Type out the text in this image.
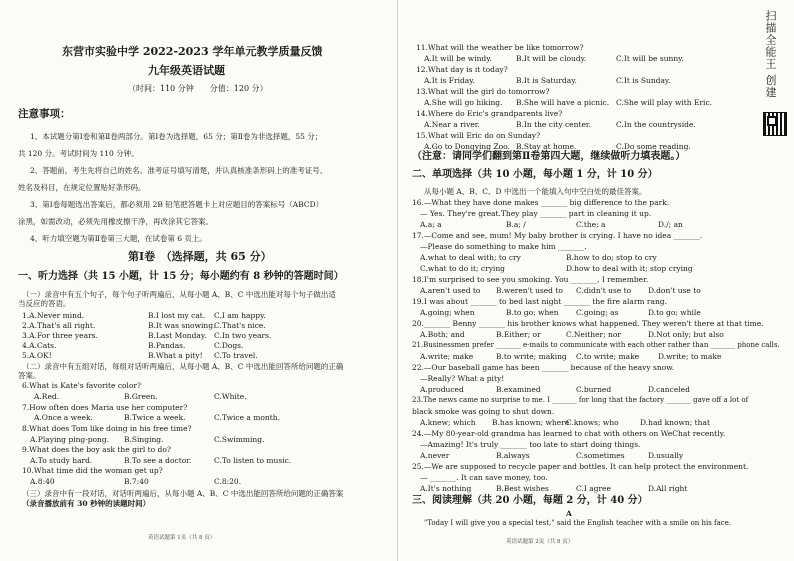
东营市实验中学 2022-2023 学年单元教学质量反馈
九年级英语试题
（时间：110 分钟　　分值：120 分）
注意事项：
1、本试题分第Ⅰ卷和第Ⅱ卷两部分。第Ⅰ卷为选择题，65 分；第Ⅱ卷为非选择题，55 分；
共 120 分。考试时间为 110 分钟。
2、答题前，考生先将自己的姓名、准考证号填写清楚，并认真核准条形码上的准考证号、
姓名及科目，在规定位置贴好条形码。
3、第Ⅰ卷每题选出答案后，都必须用 2B 铅笔把答题卡上对应题目的答案标号（ABCD）
涂黑，如需改动，必须先用橡皮擦干净，再改涂其它答案。
4、听力填空题为第Ⅱ卷第三大题，在试卷第 6 页上。
第Ⅰ卷　（选择题，共 65 分）
一、听力选择（共 15 小题，计 15 分；每小题约有 8 秒钟的答题时间）
（一）录音中有五个句子，每个句子听两遍后，从每小题 A、B、C 中选出能对每个句子做出适
当反应的答语。
1.A.Never mind.	B.I lost my cat. C.I am happy.
2.A.That's all right.	B.It was snowing.
C.That's nice.
3.A.For three years.	B.Last Monday. C.In two years.
4.A.Cats.	B.Pandas.	C.Dogs.
5.A.OK!	B.What a pity! C.To travel.
（二）录音中有五组对话，每组对话听两遍后，从每小题 A、B、C 中选出能回答所给问题的正确
答案。
6.What is Kate's favorite color?
A.Red.	B.Green.	C.White.
7.How often does Maria use her computer?
A.Once a week.	B.Twice a week.	C.Twice a month.
8.What does Tom like doing in his free time?
A.Playing ping-pong. B.Singing.	C.Swimming.
9.What does the boy ask the girl to do?
A.To study hard.	B.To see a doctor.	C.To listen to music.
10.What time did the woman get up?
A.8:40	B.7:40	C.8:20.
（三）录音中有一段对话，对话听两遍后，从每小题 A、B、C 中选出能回答所给问题的正确答案
（录音播放前有 30 秒钟的读题时间）
英语试题第 1页（共 8 页）
11.What will the weather be like tomorrow?
A.It will be windy.	B.It will be cloudy.	C.It will be sunny.
12.What day is it today?
A.It is Friday.	B.It is Saturday.	C.It is Sunday.
13.What will the girl do tomorrow?
A.She will go hiking. B.She will have a picnic. C.She will play with Eric.
14.Where do Eric's grandparents live?
A.Near a river.	B.In the city center.	C.In the countryside.
15.What will Eric do on Sunday?
A.Go to Dongying Zoo. B.Stay at home.	C.Do some reading.
（注意：请同学们翻到第Ⅱ卷第四大题，继续做听力填表题。）
二、单项选择（共 10 小题，每小题 1 分，计 10 分）
从每小题 A、B、C、D 中选出一个能填入句中空白处的最佳答案。
16.—What they have done makes _______ big difference to the park.
— Yes. They're great.They play _______ part in cleaning it up.
A.a; a	B.a; /	C.the; a	D./; an
17.—Come and see, mum! My baby brother is crying. I have no idea _______.
—Please do something to make him _______.
A.what to deal with; to cry	B.how to do; stop to cry
C.what to do it; crying	D.how to deal with it; stop crying
18.I'm surprised to see you smoking. You _______, I remember.
A.aren't used to B.weren't used to C.didn't use to D.don't use to
19.I was about _______ to bed last night _______ the fire alarm rang.
A.going; when	B.to go; when C.going; as	D.to go; while
20._______ Benny _______ his brother knows what happened. They weren't there at that time.
A.Both; and	B.Either; or	C.Neither; nor	D.Not only; but also
21.Businessmen prefer _______ e-mails to communicate with each other rather than _______ phone calls.
A.write; make	B.to write; making C.to write; make	D.write; to make
22.—Our baseball game has been _______ because of the heavy snow.
—Really? What a pity!
A.produced	B.examined	C.burned	D.canceled
23.The news came no surprise to me. I _______ for long that the factory _______ gave off a lot of
black smoke was going to shut down.
A.knew; which B.has known; where
C.knows; who	D.had known; that
24.—My 80-year-old grandma has learned to chat with others on WeChat recently.
—Amazing! It's truly _______ too late to start doing things.
A.never	B.always	C.sometimes	D.usually
25.—We are supposed to recycle paper and bottles. It can help protect the environment.
— _______. It can save money, too.
A.It's nothing	B.Best wishes	C.I agree	D.All right
三、阅读理解（共 20 小题，每题 2 分，计 40 分）
A
"Today I will give you a special test," said the English teacher with a smile on his face.
英语试题第 2页（共 8 页）
扫描全能王 创建
